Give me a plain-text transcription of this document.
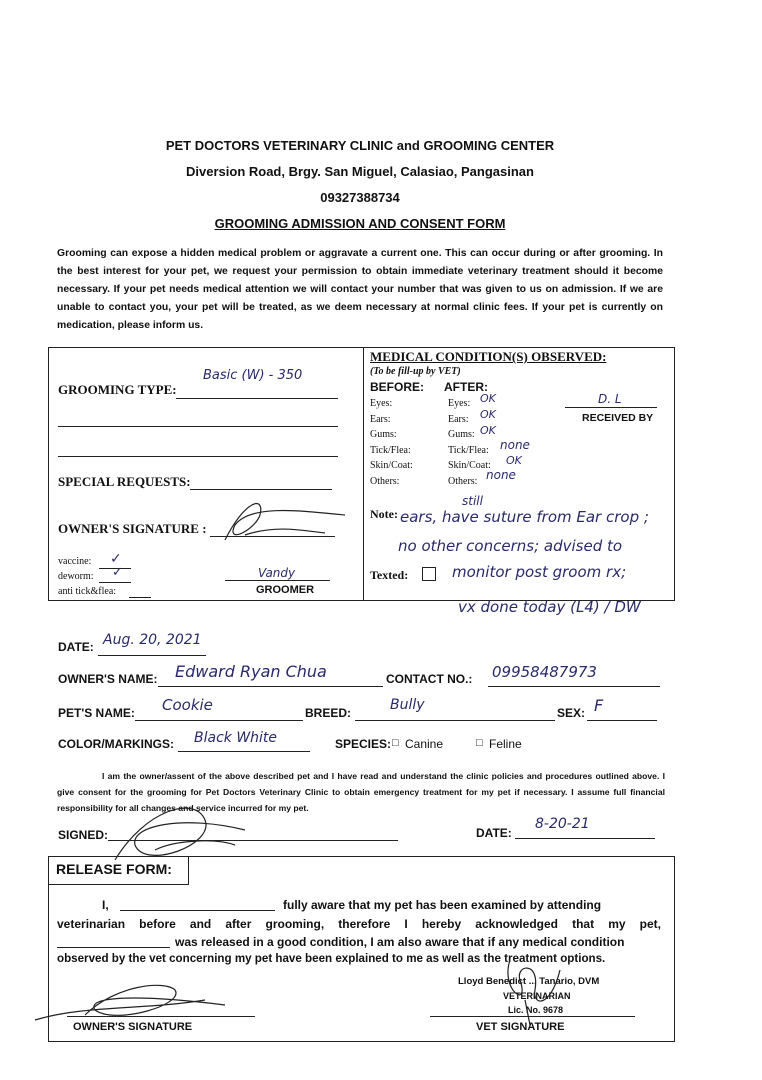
PET DOCTORS VETERINARY CLINIC and GROOMING CENTER
Diversion Road, Brgy. San Miguel, Calasiao, Pangasinan
09327388734
GROOMING ADMISSION AND CONSENT FORM
Grooming can expose a hidden medical problem or aggravate a current one. This can occur during or after grooming. In the best interest for your pet, we request your permission to obtain immediate veterinary treatment should it become necessary. If your pet needs medical attention we will contact your number that was given to us on admission. If we are unable to contact you, your pet will be treated, as we deem necessary at normal clinic fees. If your pet is currently on medication, please inform us.
GROOMING TYPE:
Basic (W) - 350
SPECIAL REQUESTS:
OWNER'S SIGNATURE :
vaccine: ✓
deworm: ✓
anti tick&flea:
Vandy
GROOMER
MEDICAL CONDITION(S) OBSERVED:
(To be fill-up by VET)
BEFORE: AFTER:
Eyes:
Ears:
Gums:
Tick/Flea:
Skin/Coat:
Others:
Eyes: OK
Ears: OK
Gums: OK
Tick/Flea: none
Skin/Coat: OK
Others: none
D. L
RECEIVED BY
Note:
still
ears, have suture from Ear crop ;
no other concerns; advised to
Texted:	monitor post groom rx;
vx done today (L4) / DW
DATE: Aug. 20, 2021
OWNER'S NAME: Edward Ryan Chua	CONTACT NO.: 09958487973
PET'S NAME: Cookie	BREED:	Bully	SEX: F
COLOR/MARKINGS: Black White	SPECIES: □ Canine	□ Feline
I am the owner/assent of the above described pet and I have read and understand the clinic policies and procedures outlined above. I give consent for the grooming for Pet Doctors Veterinary Clinic to obtain emergency treatment for my pet if necessary. I assume full financial responsibility for all changes and service incurred for my pet.
SIGNED:	DATE:
8-20-21
RELEASE FORM:
I,	fully aware that my pet has been examined by attending
veterinarian before and after grooming, therefore I hereby acknowledged that my pet,
was released in a good condition, I am also aware that if any medical condition
observed by the vet concerning my pet have been explained to me as well as the treatment options.
Lloyd Benedict ... Tanario, DVM
VETERINARIAN
Lic. No. 9678
OWNER'S SIGNATURE	VET SIGNATURE
